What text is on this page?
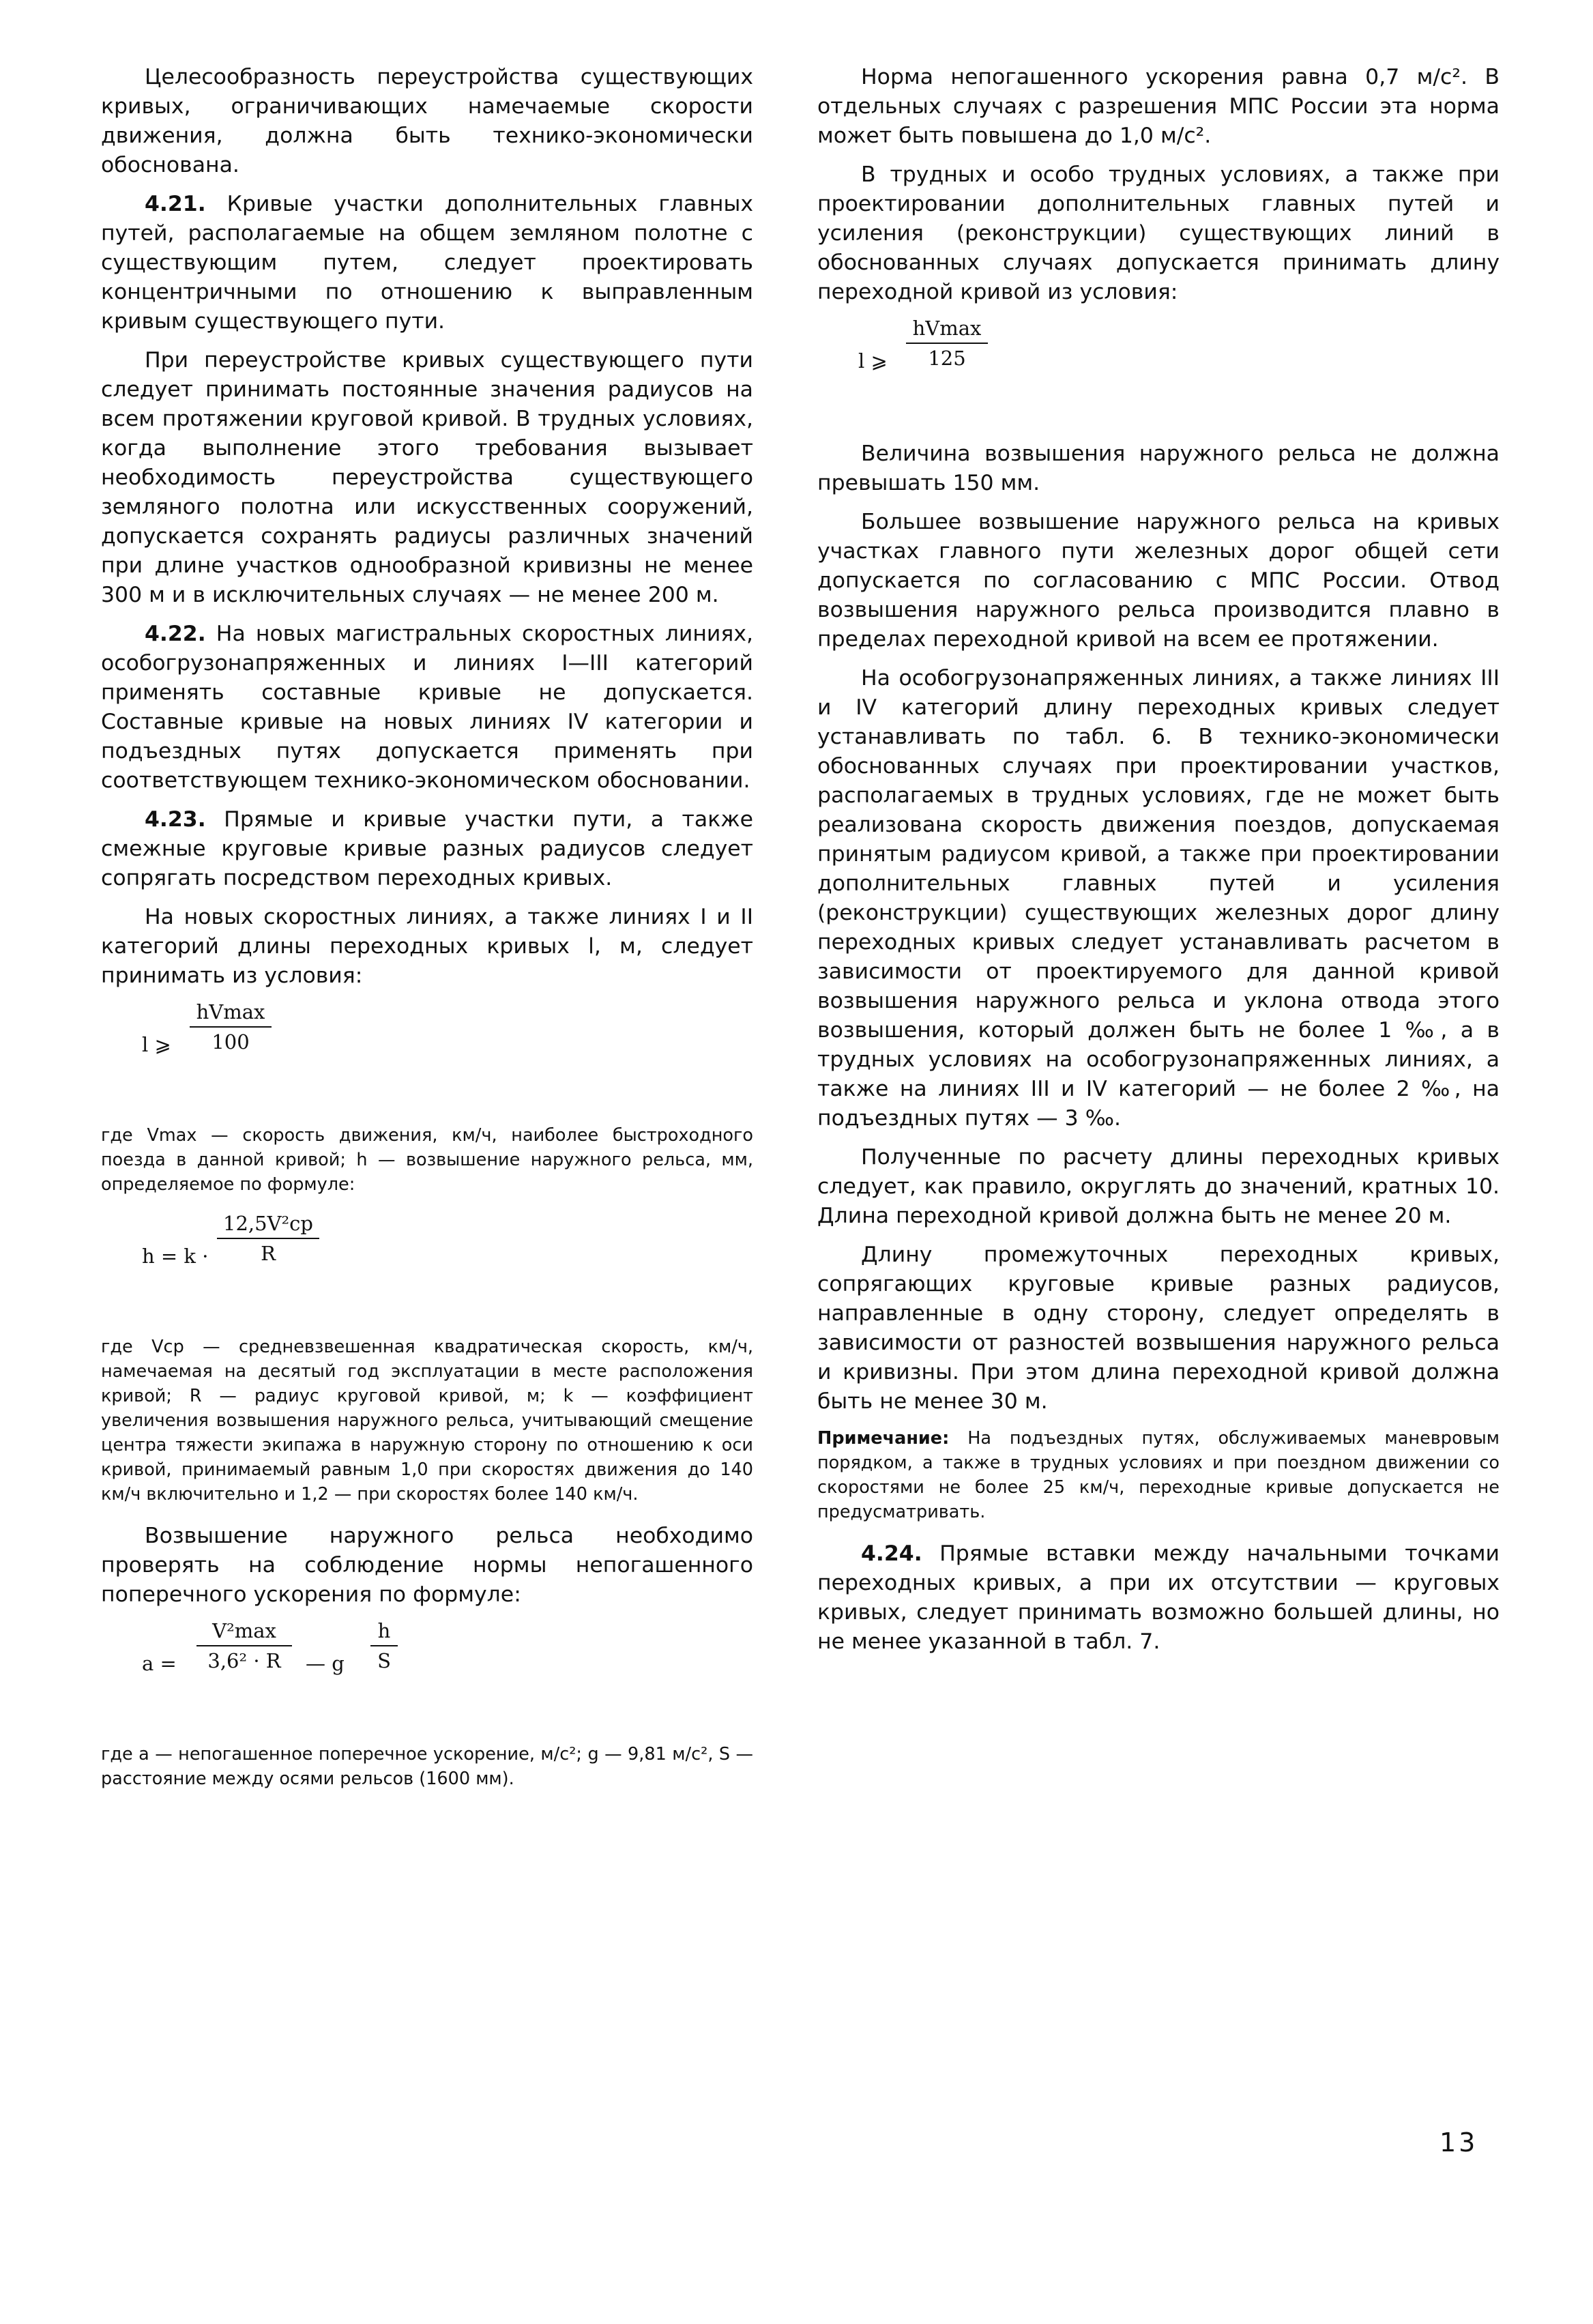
Целесообразность переустройства существующих кривых, ограничивающих намечаемые скорости движения, должна быть технико-экономически обоснована.

4.21. Кривые участки дополнительных главных путей, располагаемые на общем земляном полотне с существующим путем, следует проектировать концентричными по отношению к выправленным кривым существующего пути.

При переустройстве кривых существующего пути следует принимать постоянные значения радиусов на всем протяжении круговой кривой. В трудных условиях, когда выполнение этого требования вызывает необходимость переустройства существующего земляного полотна или искусственных сооружений, допускается сохранять радиусы различных значений при длине участков однообразной кривизны не менее 300 м и в исключительных случаях — не менее 200 м.

4.22. На новых магистральных скоростных линиях, особогрузонапряженных и линиях I—III категорий применять составные кривые не допускается. Составные кривые на новых линиях IV категории и подъездных путях допускается применять при соответствующем технико-экономическом обосновании.

4.23. Прямые и кривые участки пути, а также смежные круговые кривые разных радиусов следует сопрягать посредством переходных кривых.

На новых скоростных линиях, а также линиях I и II категорий длины переходных кривых l, м, следует принимать из условия:

l ⩾
hVmax
100

где Vmax — скорость движения, км/ч, наиболее быстроходного поезда в данной кривой; h — возвышение наружного рельса, мм, определяемое по формуле:

h = k ·
12,5V²ср
R

где Vср — средневзвешенная квадратическая скорость, км/ч, намечаемая на десятый год эксплуатации в месте расположения кривой; R — радиус круговой кривой, м; k — коэффициент увеличения возвышения наружного рельса, учитывающий смещение центра тяжести экипажа в наружную сторону по отношению к оси кривой, принимаемый равным 1,0 при скоростях движения до 140 км/ч включительно и 1,2 — при скоростях более 140 км/ч.

Возвышение наружного рельса необходимо проверять на соблюдение нормы непогашенного поперечного ускорения по формуле:

a =
V²max
3,6² · R	— g
h
S

где a — непогашенное поперечное ускорение, м/с²; g — 9,81 м/с², S — расстояние между осями рельсов (1600 мм).

Норма непогашенного ускорения равна 0,7 м/с². В отдельных случаях с разрешения МПС России эта норма может быть повышена до 1,0 м/с².

В трудных и особо трудных условиях, а также при проектировании дополнительных главных путей и усиления (реконструкции) существующих линий в обоснованных случаях допускается принимать длину переходной кривой из условия:

l ⩾
hVmax
125

Величина возвышения наружного рельса не должна превышать 150 мм.

Большее возвышение наружного рельса на кривых участках главного пути железных дорог общей сети допускается по согласованию с МПС России. Отвод возвышения наружного рельса производится плавно в пределах переходной кривой на всем ее протяжении.

На особогрузонапряженных линиях, а также линиях III и IV категорий длину переходных кривых следует устанавливать по табл. 6. В технико-экономически обоснованных случаях при проектировании участков, располагаемых в трудных условиях, где не может быть реализована скорость движения поездов, допускаемая принятым радиусом кривой, а также при проектировании дополнительных главных путей и усиления (реконструкции) существующих железных дорог длину переходных кривых следует устанавливать расчетом в зависимости от проектируемого для данной кривой возвышения наружного рельса и уклона отвода этого возвышения, который должен быть не более 1 ‰, а в трудных условиях на особогрузонапряженных линиях, а также на линиях III и IV категорий — не более 2 ‰, на подъездных путях — 3 ‰.

Полученные по расчету длины переходных кривых следует, как правило, округлять до значений, кратных 10. Длина переходной кривой должна быть не менее 20 м.

Длину промежуточных переходных кривых, сопрягающих круговые кривые разных радиусов, направленные в одну сторону, следует определять в зависимости от разностей возвышения наружного рельса и кривизны. При этом длина переходной кривой должна быть не менее 30 м.

Примечание: На подъездных путях, обслуживаемых маневровым порядком, а также в трудных условиях и при поездном движении со скоростями не более 25 км/ч, переходные кривые допускается не предусматривать.

4.24. Прямые вставки между начальными точками переходных кривых, а при их отсутствии — круговых кривых, следует принимать возможно большей длины, но не менее указанной в табл. 7.

13
